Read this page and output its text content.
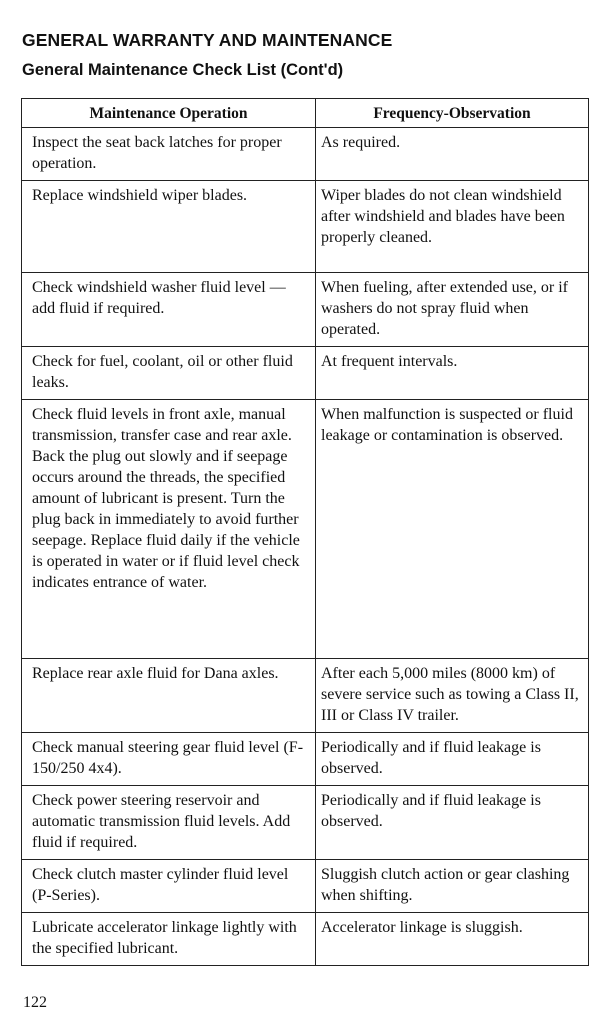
GENERAL WARRANTY AND MAINTENANCE
General Maintenance Check List (Cont'd)
Maintenance Operation	Frequency-Observation
Inspect the seat back latches for proper operation.	As required.
Replace windshield wiper blades.	Wiper blades do not clean windshield after windshield and blades have been properly cleaned.
Check windshield washer fluid level — add fluid if required.	When fueling, after extended use, or if washers do not spray fluid when operated.
Check for fuel, coolant, oil or other fluid leaks.	At frequent intervals.
Check fluid levels in front axle, manual transmission, transfer case and rear axle. Back the plug out slowly and if seepage occurs around the threads, the specified amount of lubricant is present. Turn the plug back in immediately to avoid further seepage. Replace fluid daily if the vehicle is operated in water or if fluid level check indicates entrance of water.	When malfunction is suspected or fluid leakage or contamination is observed.
Replace rear axle fluid for Dana axles.	After each 5,000 miles (8000 km) of severe service such as towing a Class II, III or Class IV trailer.
Check manual steering gear fluid level (F-150/250 4x4).	Periodically and if fluid leakage is observed.
Check power steering reservoir and automatic transmission fluid levels. Add fluid if required.	Periodically and if fluid leakage is observed.
Check clutch master cylinder fluid level (P-Series).	Sluggish clutch action or gear clashing when shifting.
Lubricate accelerator linkage lightly with the specified lubricant.	Accelerator linkage is sluggish.
122
